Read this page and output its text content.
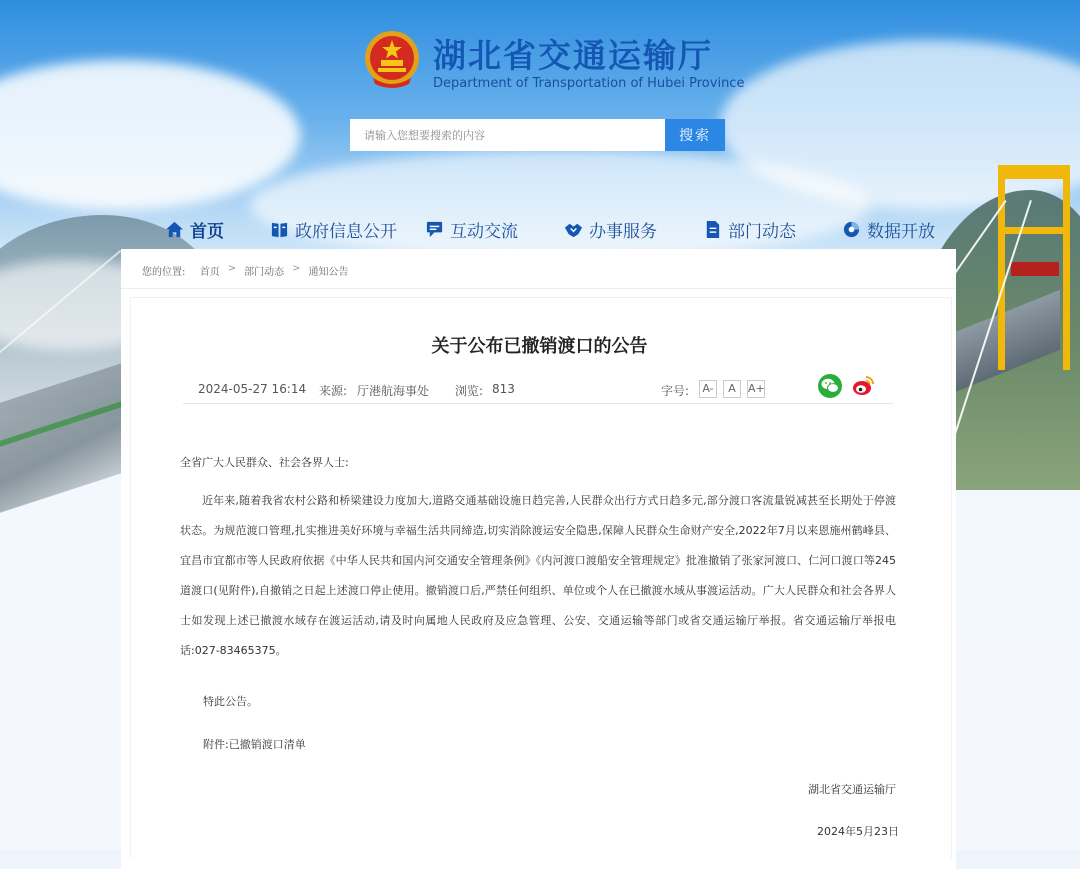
湖北省交通运输厅
Department of Transportation of Hubei Province
请输入您想要搜索的内容
搜索
首页	政府信息公开	互动交流	办事服务	部门动态	数据开放
您的位置: 首页 > 部门动态 > 通知公告
关于公布已撤销渡口的公告
2024-05-27 16:14 来源: 厅港航海事处 浏览: 813	字号:	A-	A	A+
全省广大人民群众、社会各界人士:
近年来,随着我省农村公路和桥梁建设力度加大,道路交通基础设施日趋完善,人民群众出行方式日趋多元,部分渡口客流量锐减甚至长期处于停渡状态。为规范渡口管理,扎实推进美好环境与幸福生活共同缔造,切实消除渡运安全隐患,保障人民群众生命财产安全,2022年7月以来恩施州鹤峰县、宜昌市宜都市等人民政府依据《中华人民共和国内河交通安全管理条例》《内河渡口渡船安全管理规定》批准撤销了张家河渡口、仁河口渡口等245道渡口(见附件),自撤销之日起上述渡口停止使用。撤销渡口后,严禁任何组织、单位或个人在已撤渡水域从事渡运活动。广大人民群众和社会各界人士如发现上述已撤渡水域存在渡运活动,请及时向属地人民政府及应急管理、公安、交通运输等部门或省交通运输厅举报。省交通运输厅举报电话:027-83465375。
特此公告。
附件:已撤销渡口清单
湖北省交通运输厅
2024年5月23日
